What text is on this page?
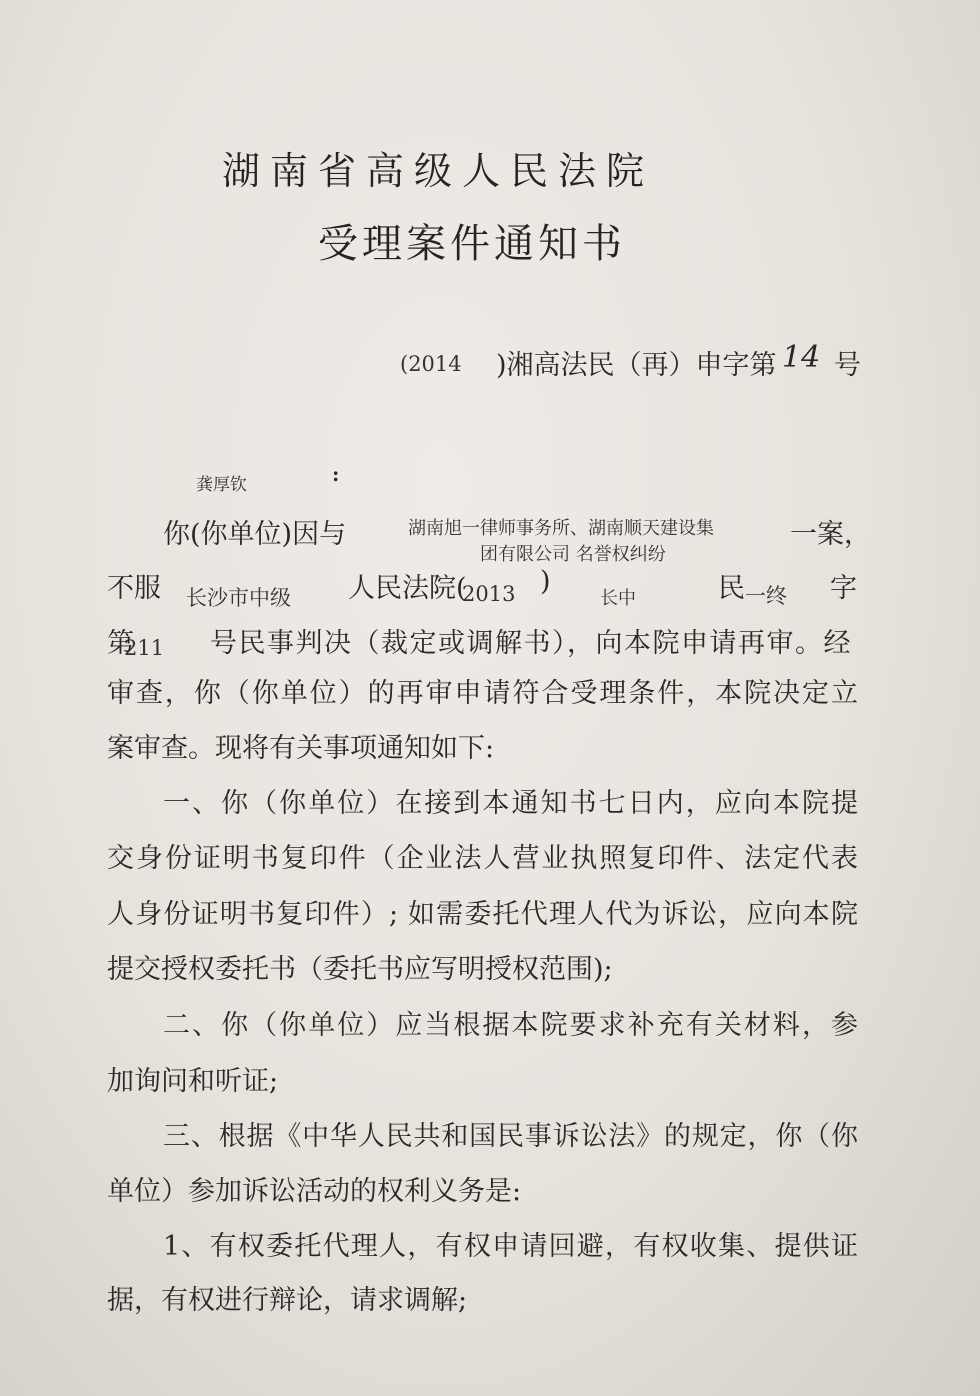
湖南省高级人民法院
受理案件通知书
(2014 )湘高法民（再）申字第 14 号
龚厚钦	:
你(你单位)因与	湖南旭一律师事务所、湖南顺天建设集
团有限公司 名誉权纠纷
一案，
不服 长沙市中级 人民法院(
2013 )
长中	民 一终 字
第
211 号民事判决（裁定或调解书），向本院申请再审。经
审查，你（你单位）的再审申请符合受理条件，本院决定立
案审查。现将有关事项通知如下:
一、你（你单位）在接到本通知书七日内，应向本院提
交身份证明书复印件（企业法人营业执照复印件、法定代表
人身份证明书复印件）; 如需委托代理人代为诉讼，应向本院
提交授权委托书（委托书应写明授权范围);
二、你（你单位）应当根据本院要求补充有关材料，参
加询问和听证;
三、根据《中华人民共和国民事诉讼法》的规定，你（你
单位）参加诉讼活动的权利义务是:
1、有权委托代理人，有权申请回避，有权收集、提供证
据，有权进行辩论，请求调解;
